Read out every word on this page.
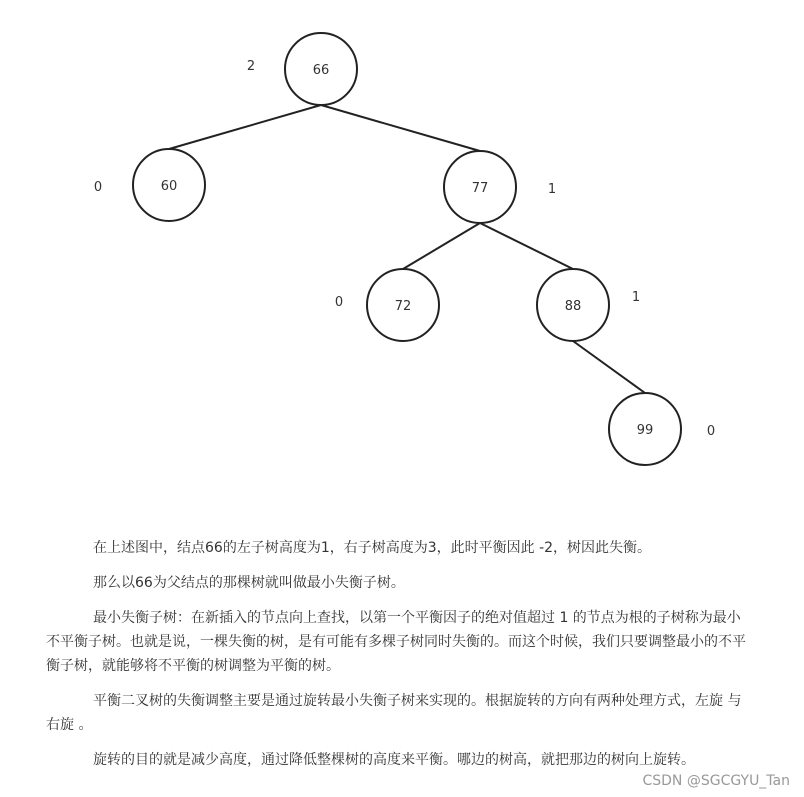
66
60	77
72	88
99
2
0	1
0	1
0

在上述图中，结点66的左子树高度为1，右子树高度为3，此时平衡因此 -2，树因此失衡。

那么以66为父结点的那棵树就叫做最小失衡子树。

最小失衡子树：在新插入的节点向上查找，以第一个平衡因子的绝对值超过 1 的节点为根的子树称为最小不平衡子树。也就是说，一棵失衡的树，是有可能有多棵子树同时失衡的。而这个时候，我们只要调整最小的不平衡子树，就能够将不平衡的树调整为平衡的树。

平衡二叉树的失衡调整主要是通过旋转最小失衡子树来实现的。根据旋转的方向有两种处理方式，左旋 与 右旋 。

旋转的目的就是减少高度，通过降低整棵树的高度来平衡。哪边的树高，就把那边的树向上旋转。

CSDN @SGCGYU_Tan
